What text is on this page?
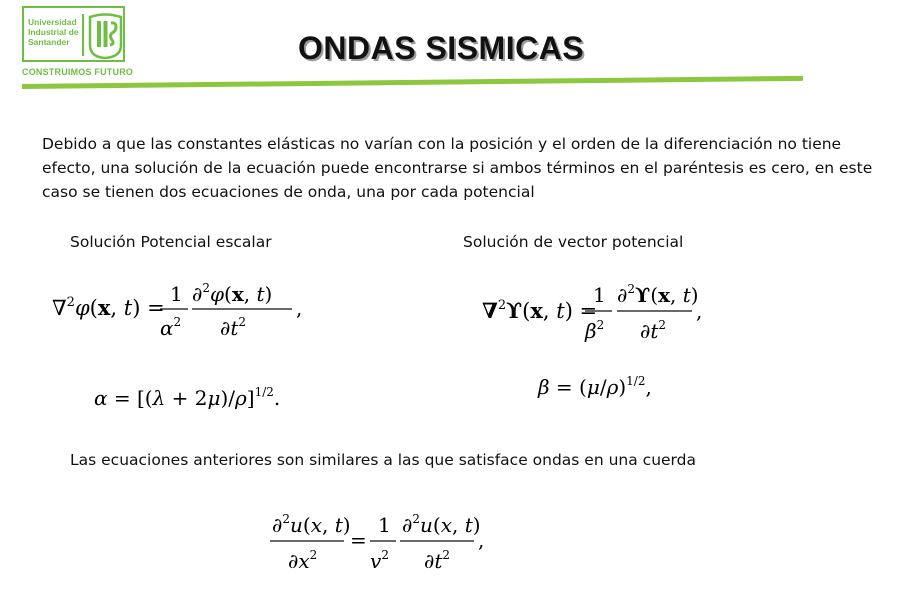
Universidad Industrial de Santander
CONSTRUIMOS FUTURO
ONDAS SISMICAS

Debido a que las constantes elásticas no varían con la posición y el orden de la diferenciación no tiene efecto, una solución de la ecuación puede encontrarse si ambos términos en el paréntesis es cero, en este caso se tienen dos ecuaciones de onda, una por cada potencial

Solución Potencial escalar	Solución de vector potencial
∇$^2$φ(x, t) =
1
$\alpha^2$
∂$^2$φ(x, t)
$\partial t^2$
,
$\alpha = [(\lambda + 2\mu)/\rho]^{1/2}$.
∇$^2$ϒ(x, t) =
1
$\beta^2$
∂$^2$ϒ(x, t)
$\partial t^2$
,
$\beta = (\mu/\rho)^{1/2}$,
Las ecuaciones anteriores son similares a las que satisface ondas en una cuerda
∂$^2$u(x, t)
$\partial x^2$
=
1
$v^2$
∂$^2$u(x, t)
$\partial t^2$
,
